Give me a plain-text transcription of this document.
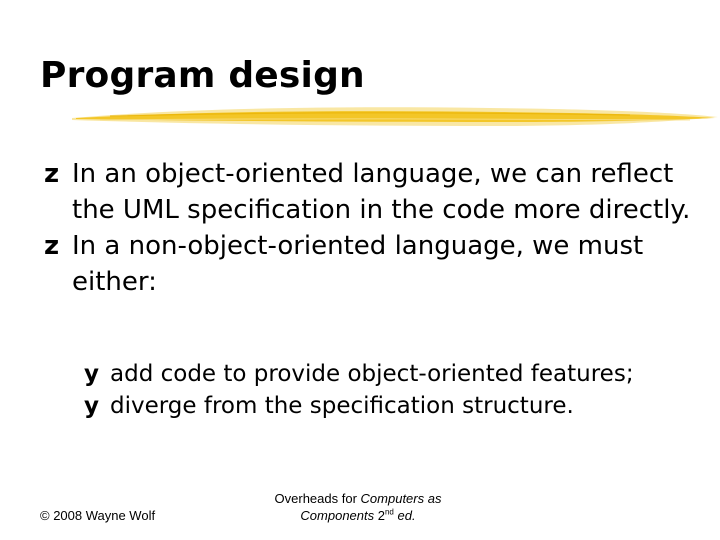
Program design
z In an object-oriented language, we can reflect the UML specification in the code more directly.
z In a non-object-oriented language, we must either:
y add code to provide object-oriented features;
y diverge from the specification structure.
© 2008 Wayne Wolf
Overheads for Computers as Components 2nd ed.
